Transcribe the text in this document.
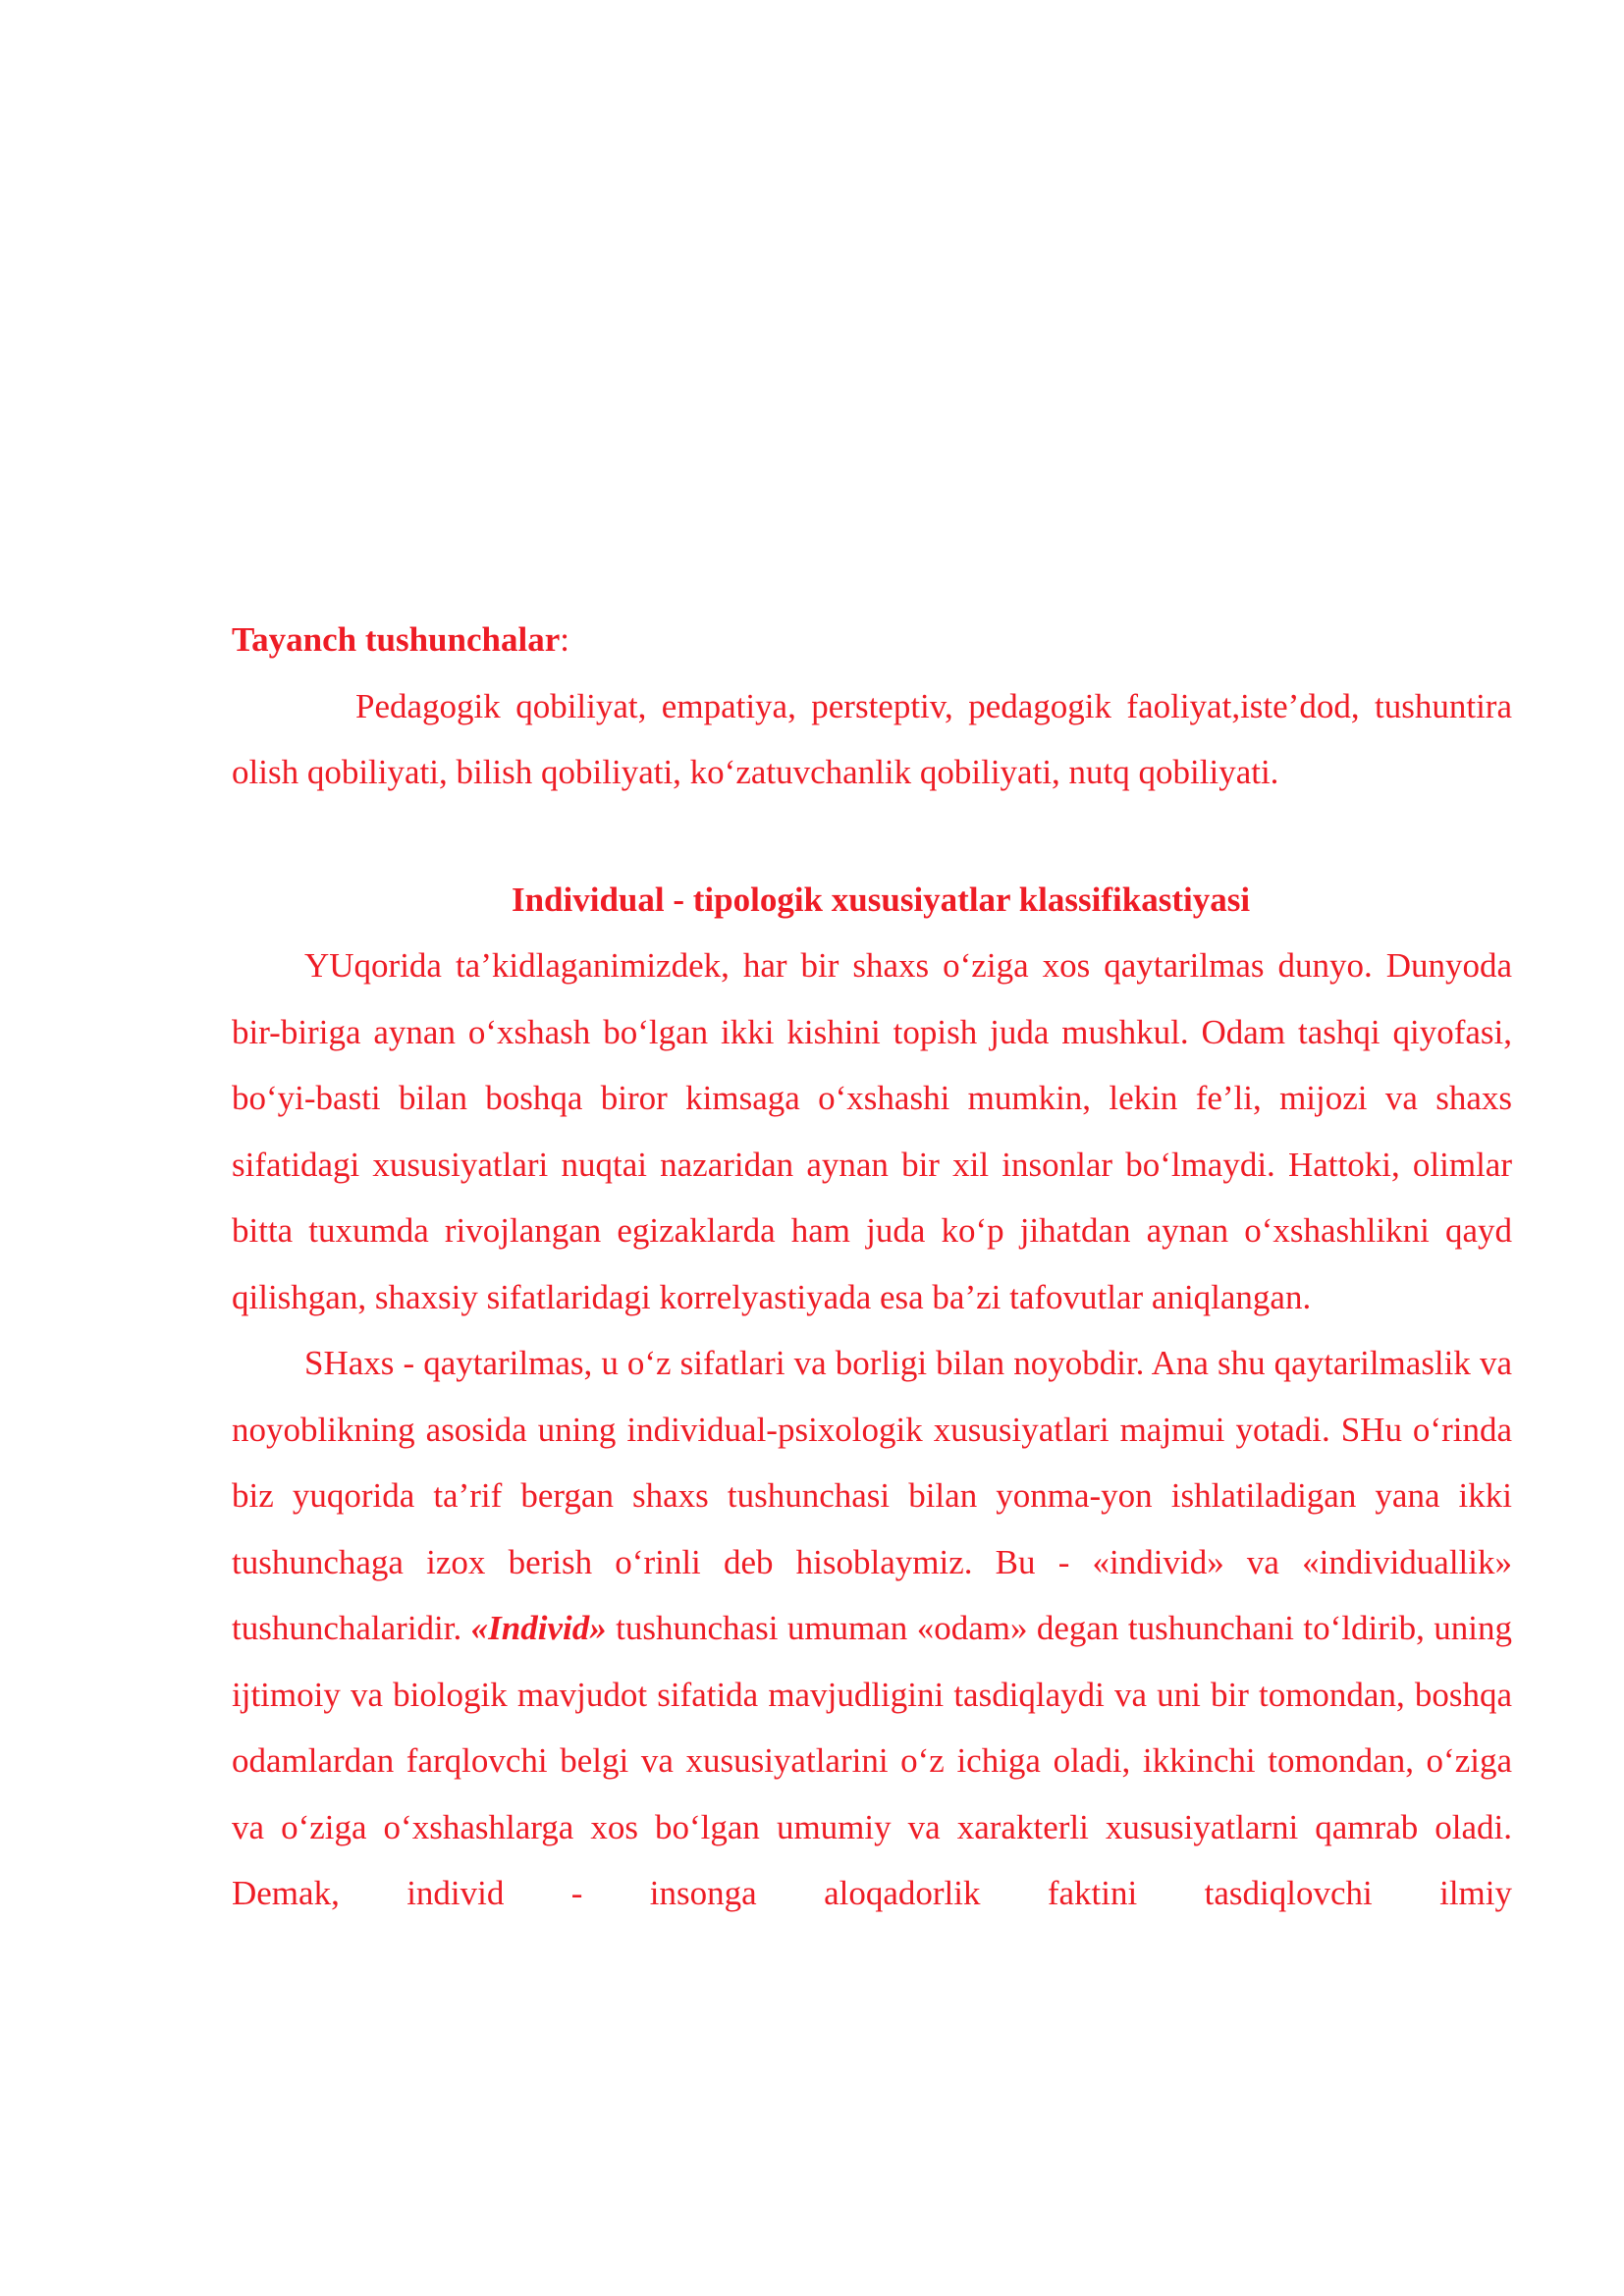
Tayanch tushunchalar:

Pedagogik qobiliyat, empatiya, persteptiv, pedagogik faoliyat,iste’dod, tushuntira olish qobiliyati, bilish qobiliyati, ko‘zatuvchanlik qobiliyati, nutq qobiliyati.

Individual - tipologik xususiyatlar klassifikastiyasi

YUqorida ta’kidlaganimizdek, har bir shaxs o‘ziga xos qaytarilmas dunyo. Dunyoda bir-biriga aynan o‘xshash bo‘lgan ikki kishini topish juda mushkul. Odam tashqi qiyofasi, bo‘yi-basti bilan boshqa biror kimsaga o‘xshashi mumkin, lekin fe’li, mijozi va shaxs sifatidagi xususiyatlari nuqtai nazaridan aynan bir xil insonlar bo‘lmaydi. Hattoki, olimlar bitta tuxumda rivojlangan egizaklarda ham juda ko‘p jihatdan aynan o‘xshashlikni qayd qilishgan, shaxsiy sifatlaridagi korrelyastiyada esa ba’zi tafovutlar aniqlangan.

SHaxs - qaytarilmas, u o‘z sifatlari va borligi bilan noyobdir. Ana shu qaytarilmaslik va noyoblikning asosida uning individual-psixologik xususiyatlari majmui yotadi. SHu o‘rinda biz yuqorida ta’rif bergan shaxs tushunchasi bilan yonma-yon ishlatiladigan yana ikki tushunchaga izox berish o‘rinli deb hisoblaymiz. Bu - «individ» va «individuallik» tushunchalaridir. «Individ» tushunchasi umuman «odam» degan tushunchani to‘ldirib, uning ijtimoiy va biologik mavjudot sifatida mavjudligini tasdiqlaydi va uni bir tomondan, boshqa odamlardan farqlovchi belgi va xususiyatlarini o‘z ichiga oladi, ikkinchi tomondan, o‘ziga va o‘ziga o‘xshashlarga xos bo‘lgan umumiy va xarakterli xususiyatlarni qamrab oladi. Demak, individ - insonga aloqadorlik faktini tasdiqlovchi ilmiy
